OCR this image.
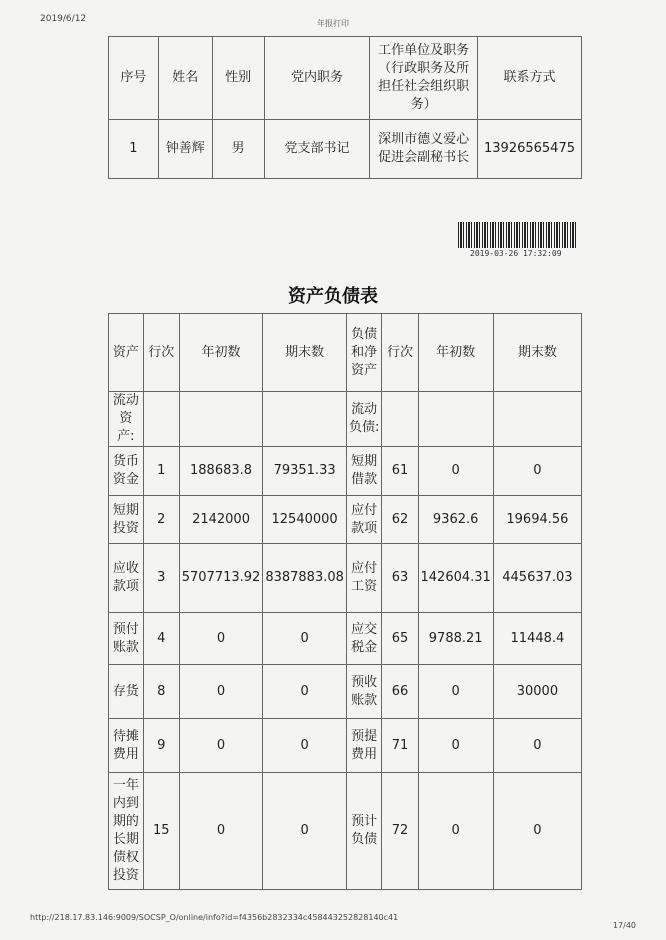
2019/6/12	年报打印
序号	姓名	性别	党内职务	工作单位及职务（行政职务及所担任社会组织职务）	联系方式
1	钟善辉	男	党支部书记	深圳市德义爱心促进会副秘书长	13926565475
2019-03-26 17:32:09
资产负债表
资产	行次	年初数	期末数	负债和净资产	行次	年初数	期末数
流动资产:				流动负债:			
货币资金	1	188683.8	79351.33	短期借款	61	0	0
短期投资	2	2142000	12540000	应付款项	62	9362.6	19694.56
应收款项	3	5707713.92	8387883.08	应付工资	63	142604.31	445637.03
预付账款	4	0	0	应交税金	65	9788.21	11448.4
存货	8	0	0	预收账款	66	0	30000
待摊费用	9	0	0	预提费用	71	0	0
一年内到期的长期债权投资	15	0	0	预计负债	72	0	0
http://218.17.83.146:9009/SOCSP_O/online/info?id=f4356b2832334c458443252828140c41
17/40
